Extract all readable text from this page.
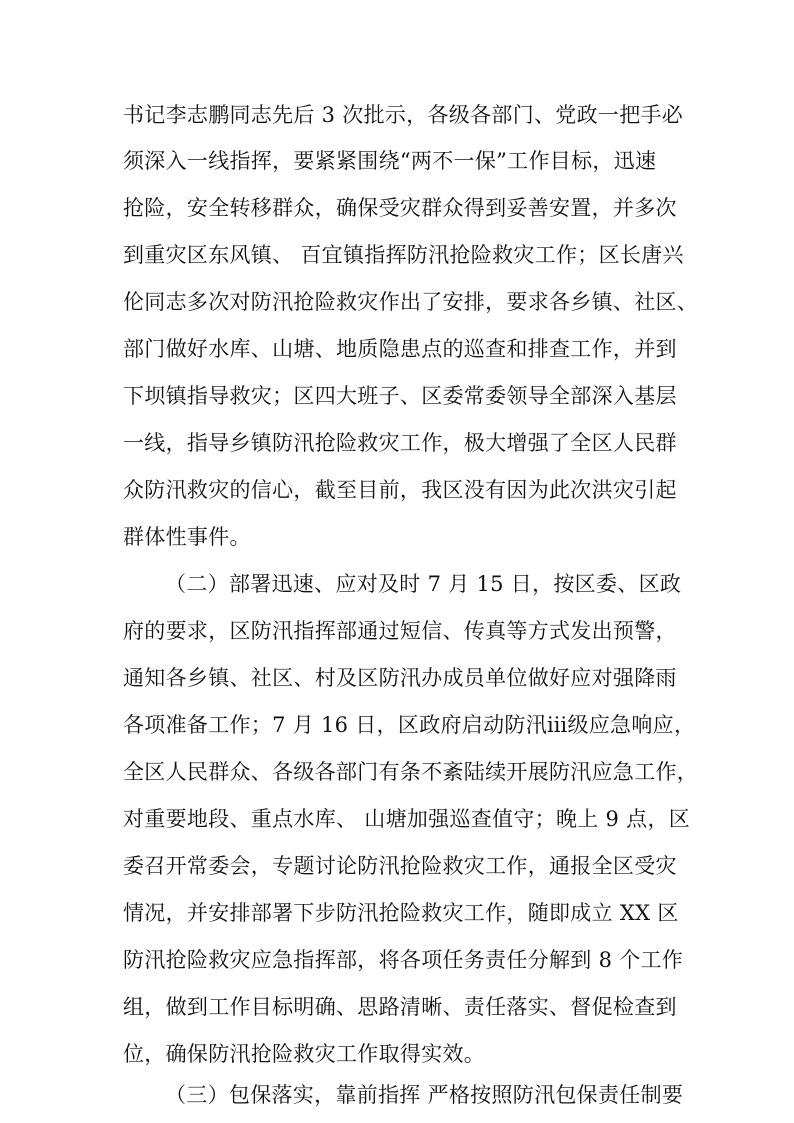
书记李志鹏同志先后 3 次批示，各级各部门、党政一把手必
须深入一线指挥，要紧紧围绕“两不一保”工作目标，迅速
抢险，安全转移群众，确保受灾群众得到妥善安置，并多次
到重灾区东风镇、 百宜镇指挥防汛抢险救灾工作；区长唐兴
伦同志多次对防汛抢险救灾作出了安排，要求各乡镇、社区、
部门做好水库、山塘、地质隐患点的巡查和排查工作，并到
下坝镇指导救灾；区四大班子、区委常委领导全部深入基层
一线，指导乡镇防汛抢险救灾工作，极大增强了全区人民群
众防汛救灾的信心，截至目前，我区没有因为此次洪灾引起
群体性事件。
（二）部署迅速、应对及时 7 月 15 日，按区委、区政
府的要求，区防汛指挥部通过短信、传真等方式发出预警，
通知各乡镇、社区、村及区防汛办成员单位做好应对强降雨
各项准备工作；7 月 16 日，区政府启动防汛ⅲ级应急响应，
全区人民群众、各级各部门有条不紊陆续开展防汛应急工作，
对重要地段、重点水库、 山塘加强巡查值守；晚上 9 点，区
委召开常委会，专题讨论防汛抢险救灾工作，通报全区受灾
情况，并安排部署下步防汛抢险救灾工作，随即成立 XX 区
防汛抢险救灾应急指挥部，将各项任务责任分解到 8 个工作
组，做到工作目标明确、思路清晰、责任落实、督促检查到
位，确保防汛抢险救灾工作取得实效。
（三）包保落实，靠前指挥 严格按照防汛包保责任制要
